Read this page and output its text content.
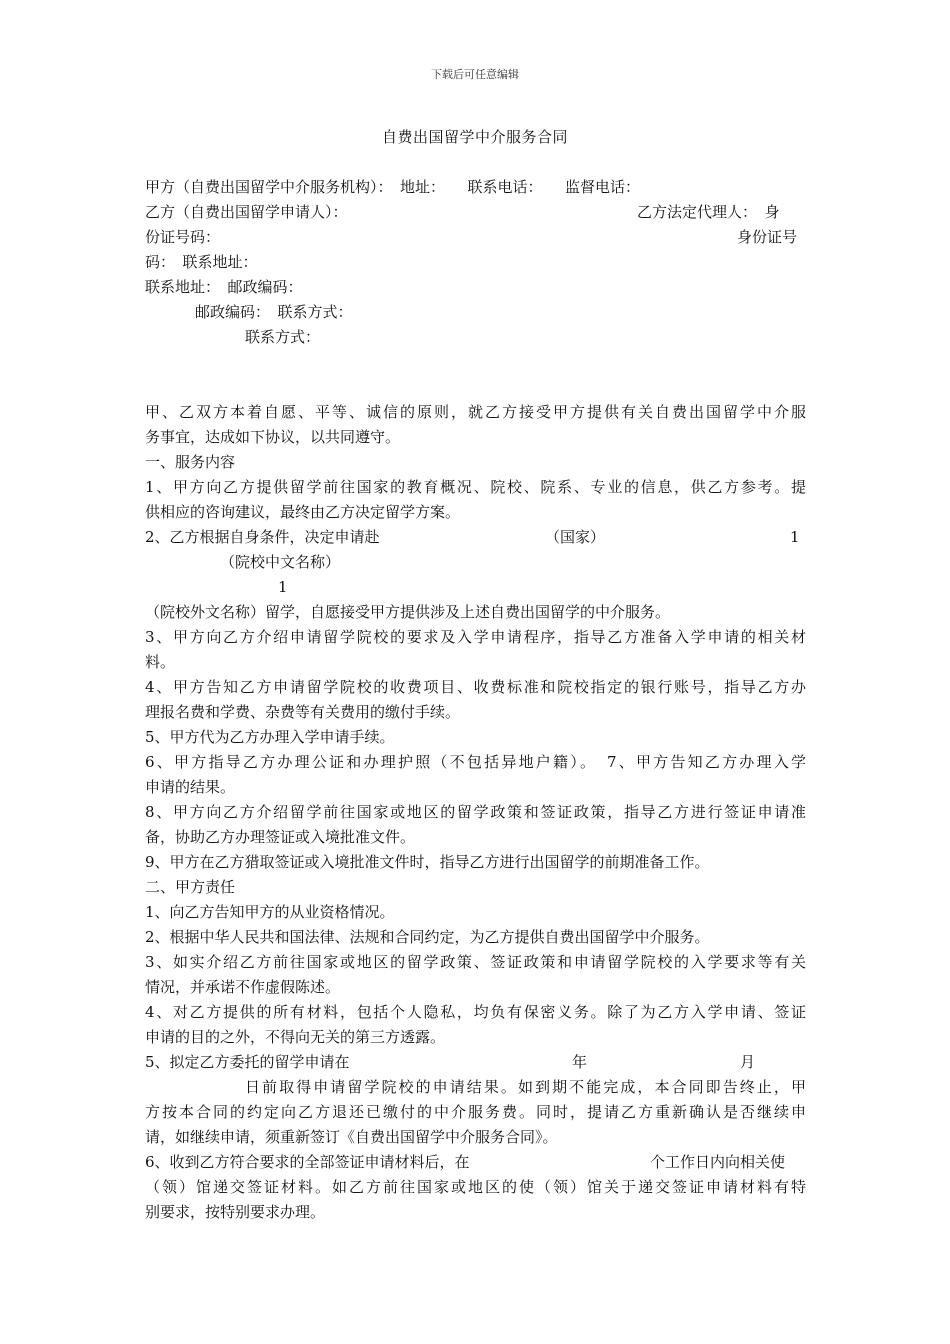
下载后可任意编辑
自费出国留学中介服务合同
甲方（自费出国留学中介服务机构）：　地址：　　联系电话：　　监督电话：
乙方（自费出国留学申请人）：	乙方法定代理人：　身
份证号码：	身份证号
码：　联系地址：
联系地址：　邮政编码：
邮政编码：　联系方式：
联系方式：
甲、乙双方本着自愿、平等、诚信的原则，就乙方接受甲方提供有关自费出国留学中介服
务事宜，达成如下协议，以共同遵守。
一、服务内容
1、甲方向乙方提供留学前往国家的教育概况、院校、院系、专业的信息，供乙方参考。提
供相应的咨询建议，最终由乙方决定留学方案。
2、乙方根据自身条件，决定申请赴	（国家）	1
（院校中文名称）
1
（院校外文名称）留学，自愿接受甲方提供涉及上述自费出国留学的中介服务。
3、甲方向乙方介绍申请留学院校的要求及入学申请程序，指导乙方准备入学申请的相关材
料。
4、甲方告知乙方申请留学院校的收费项目、收费标准和院校指定的银行账号，指导乙方办
理报名费和学费、杂费等有关费用的缴付手续。
5、甲方代为乙方办理入学申请手续。
6、甲方指导乙方办理公证和办理护照（不包括异地户籍）。　7、甲方告知乙方办理入学
申请的结果。
8、甲方向乙方介绍留学前往国家或地区的留学政策和签证政策，指导乙方进行签证申请准
备，协助乙方办理签证或入境批准文件。
9、甲方在乙方猎取签证或入境批准文件时，指导乙方进行出国留学的前期准备工作。
二、甲方责任
1、向乙方告知甲方的从业资格情况。
2、根据中华人民共和国法律、法规和合同约定，为乙方提供自费出国留学中介服务。
3、如实介绍乙方前往国家或地区的留学政策、签证政策和申请留学院校的入学要求等有关
情况，并承诺不作虚假陈述。
4、对乙方提供的所有材料，包括个人隐私，均负有保密义务。除了为乙方入学申请、签证
申请的目的之外，不得向无关的第三方透露。
5、拟定乙方委托的留学申请在	年	月
日前取得申请留学院校的申请结果。如到期不能完成，本合同即告终止，甲
方按本合同的约定向乙方退还已缴付的中介服务费。同时，提请乙方重新确认是否继续申
请，如继续申请，须重新签订《自费出国留学中介服务合同》。
6、收到乙方符合要求的全部签证申请材料后，在	个工作日内向相关使
（领）馆递交签证材料。如乙方前往国家或地区的使（领）馆关于递交签证申请材料有特
别要求，按特别要求办理。
